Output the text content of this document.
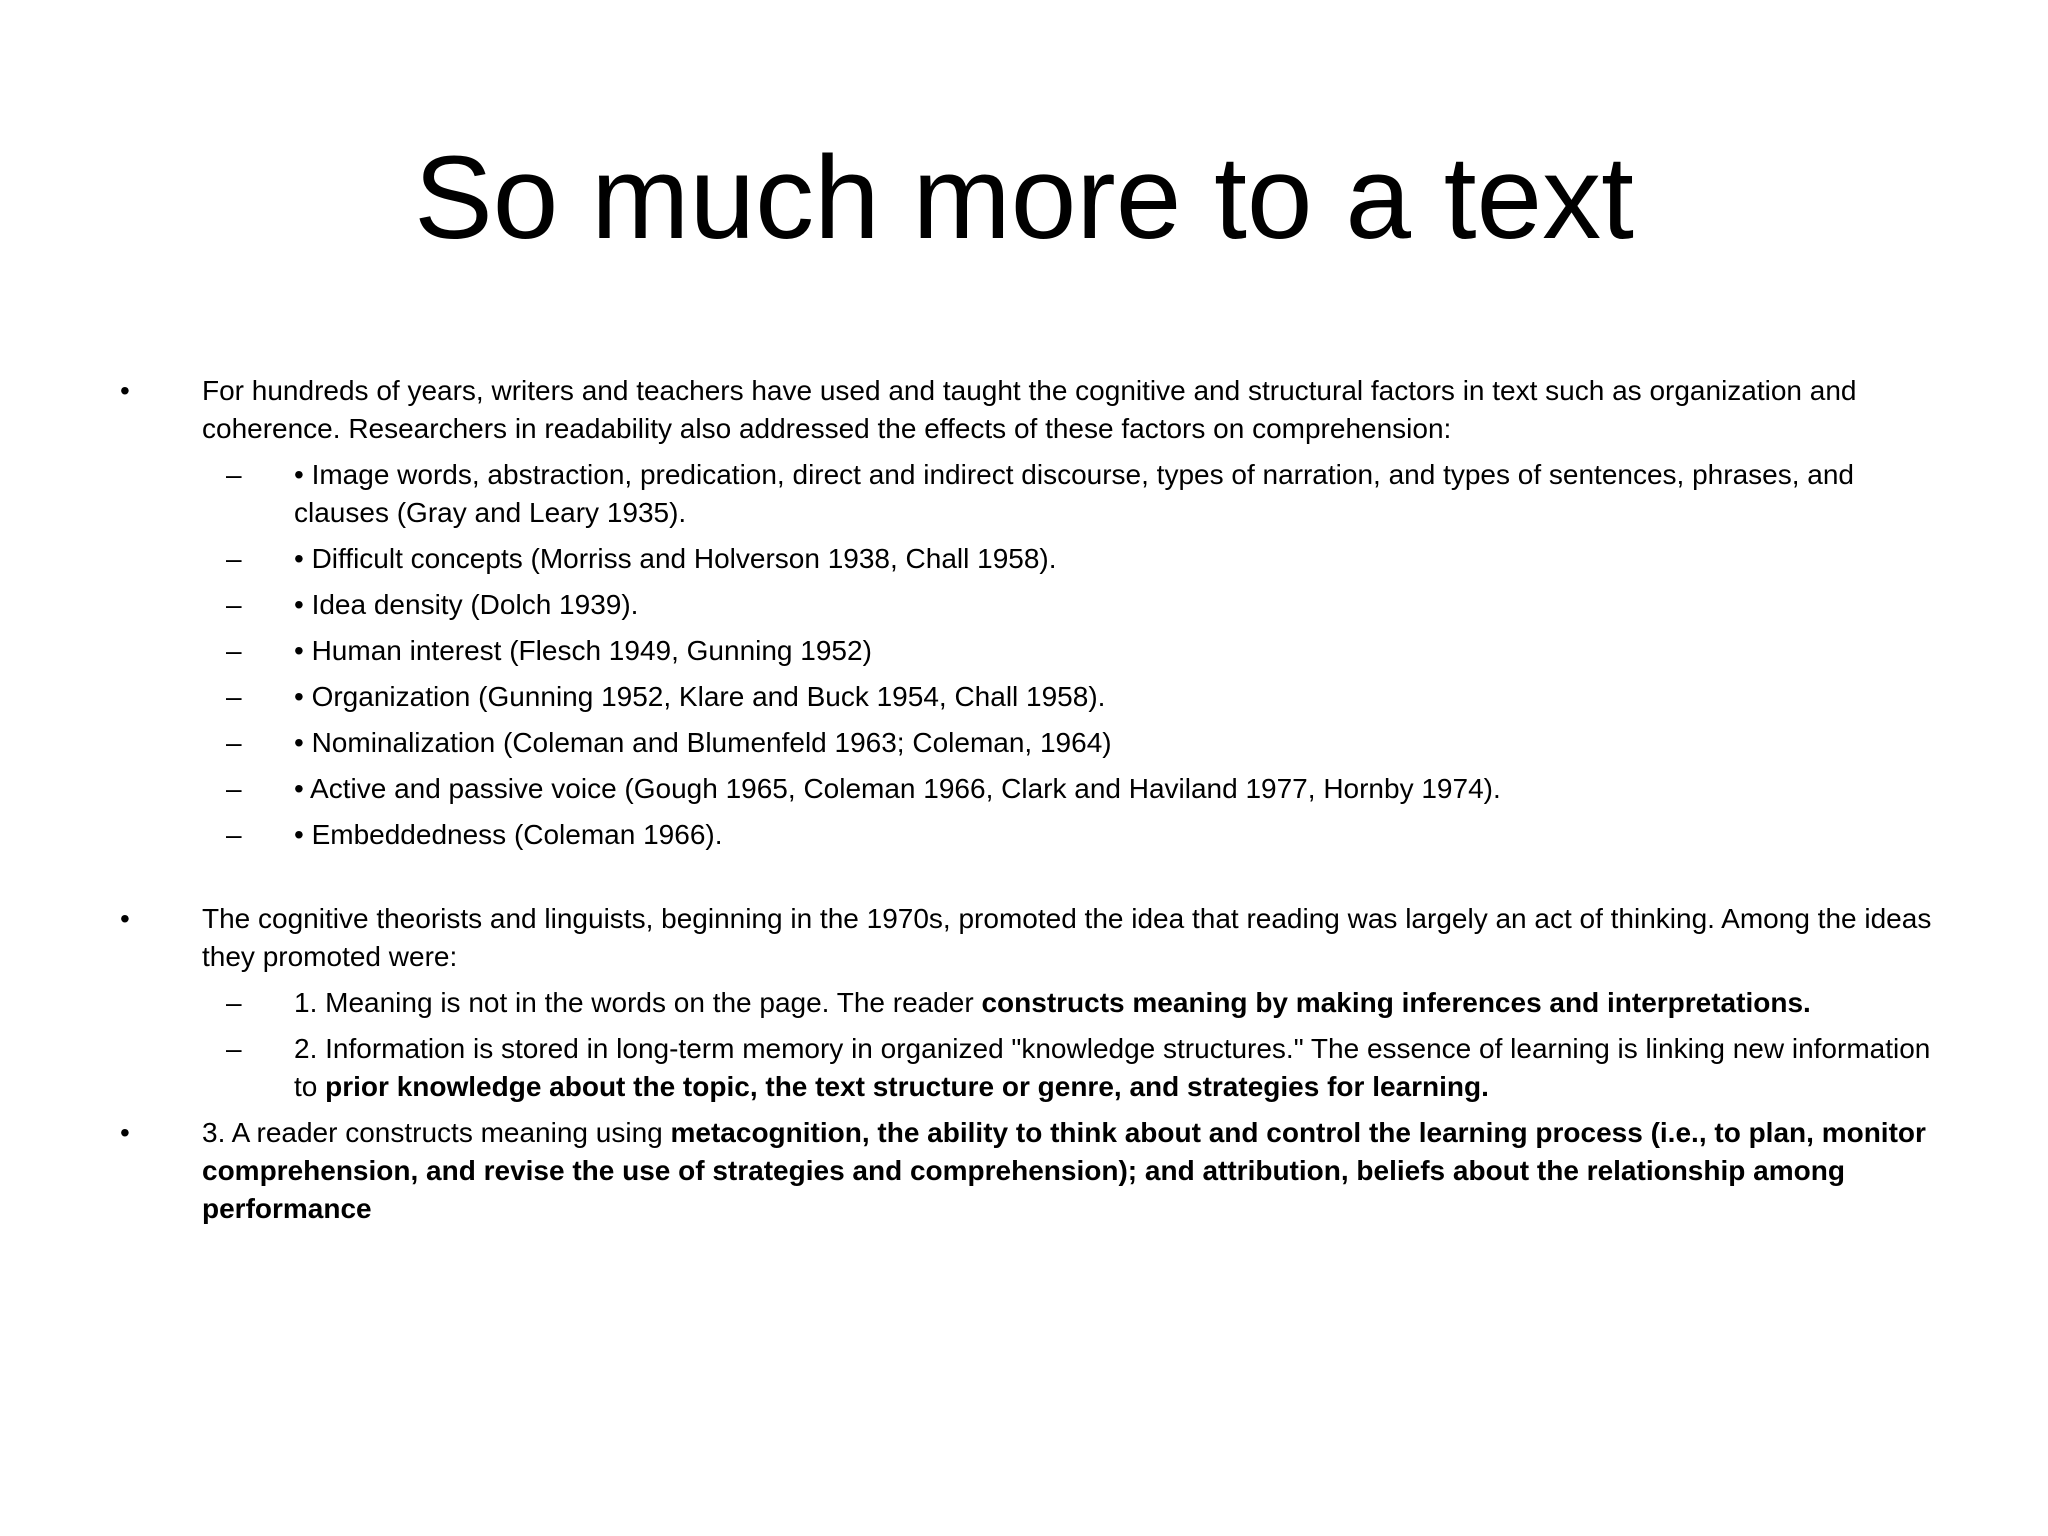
So much more to a text
•	For hundreds of years, writers and teachers have used and taught the cognitive and structural factors in text such as organization and coherence. Researchers in readability also addressed the effects of these factors on comprehension:
– • Image words, abstraction, predication, direct and indirect discourse, types of narration, and types of sentences, phrases, and clauses (Gray and Leary 1935).
– • Difficult concepts (Morriss and Holverson 1938, Chall 1958).
– • Idea density (Dolch 1939).
– • Human interest (Flesch 1949, Gunning 1952)
– • Organization (Gunning 1952, Klare and Buck 1954, Chall 1958).
– • Nominalization (Coleman and Blumenfeld 1963; Coleman, 1964)
– • Active and passive voice (Gough 1965, Coleman 1966, Clark and Haviland 1977, Hornby 1974).
– • Embeddedness (Coleman 1966).
•	The cognitive theorists and linguists, beginning in the 1970s, promoted the idea that reading was largely an act of thinking. Among the ideas they promoted were:
– 1. Meaning is not in the words on the page. The reader constructs meaning by making inferences and interpretations.
– 2. Information is stored in long-term memory in organized "knowledge structures." The essence of learning is linking new information to prior knowledge about the topic, the text structure or genre, and strategies for learning.
•	3. A reader constructs meaning using metacognition, the ability to think about and control the learning process (i.e., to plan, monitor comprehension, and revise the use of strategies and comprehension); and attribution, beliefs about the relationship among performance
